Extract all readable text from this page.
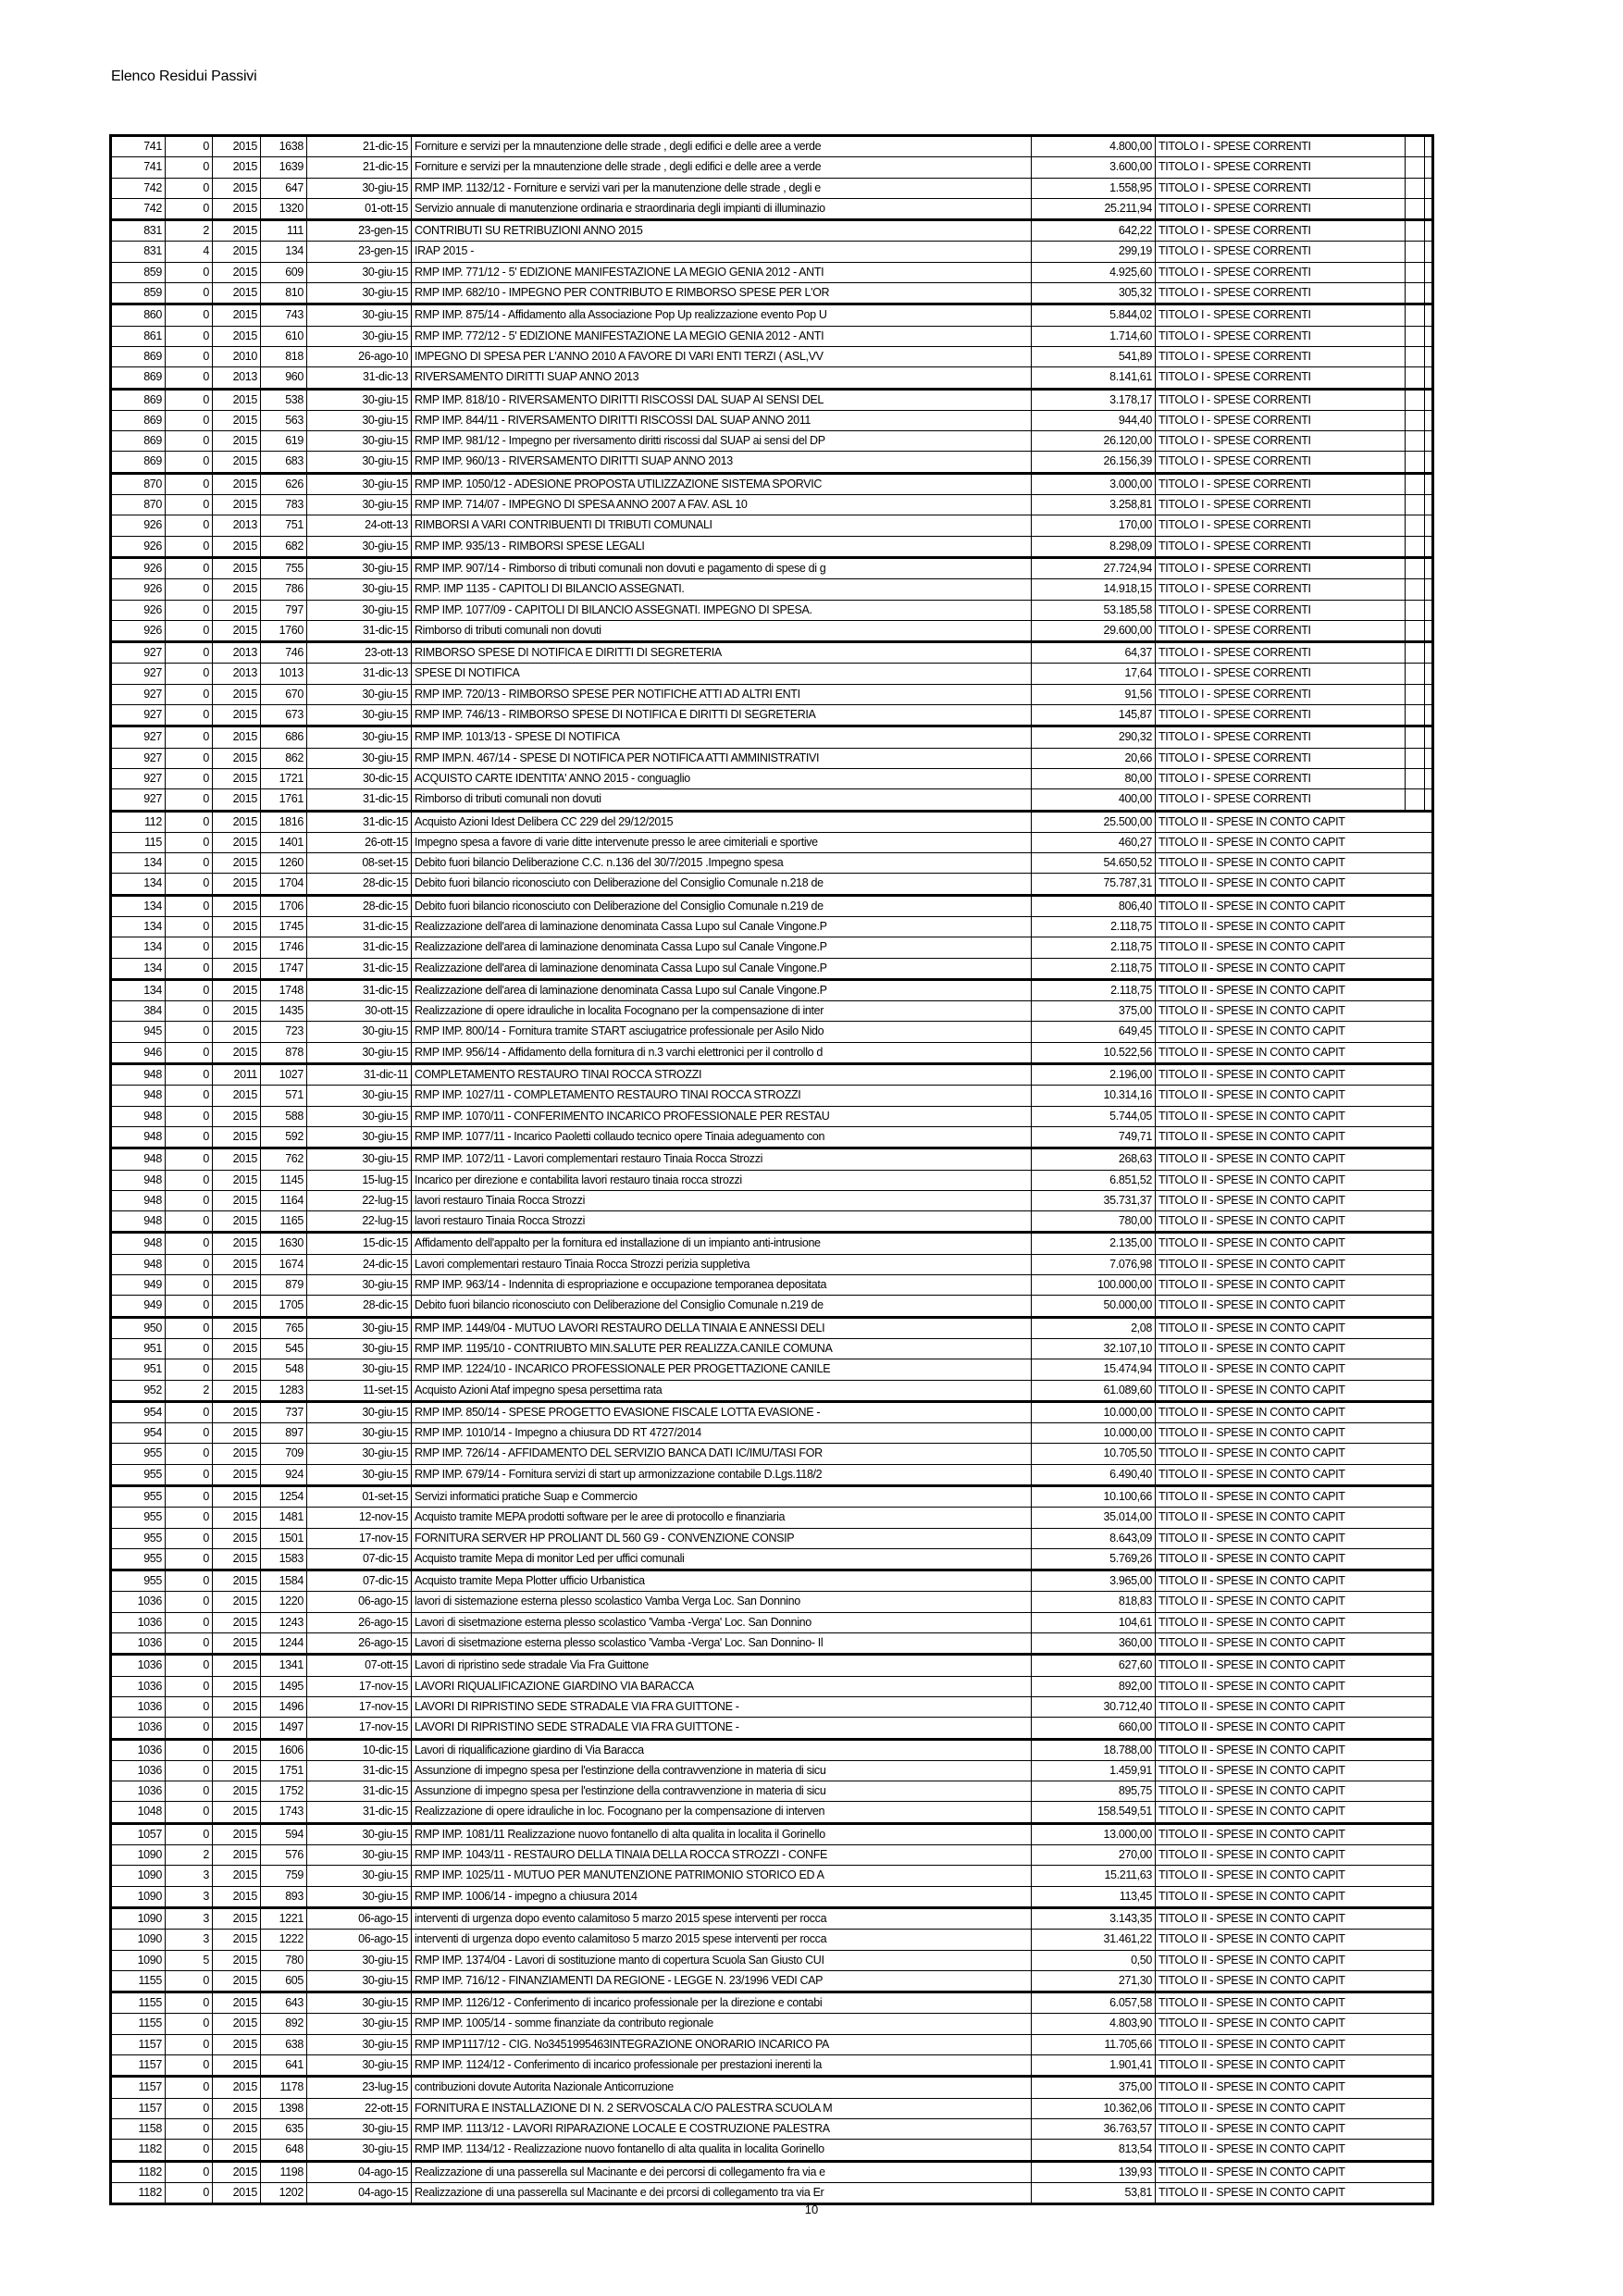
Elenco Residui Passivi
741	0	2015	1638	21-dic-15	Forniture e servizi per la mnautenzione delle strade , degli edifici e delle aree a verde	4.800,00	TITOLO I - SPESE CORRENTI		
741	0	2015	1639	21-dic-15	Forniture e servizi per la mnautenzione delle strade , degli edifici e delle aree a verde	3.600,00	TITOLO I - SPESE CORRENTI		
742	0	2015	647	30-giu-15	RMP IMP. 1132/12 - Forniture e servizi vari per la manutenzione delle strade , degli e	1.558,95	TITOLO I - SPESE CORRENTI		
742	0	2015	1320	01-ott-15	Servizio annuale di manutenzione ordinaria e straordinaria degli impianti di illuminazio	25.211,94	TITOLO I - SPESE CORRENTI		
831	2	2015	111	23-gen-15	CONTRIBUTI SU RETRIBUZIONI ANNO 2015	642,22	TITOLO I - SPESE CORRENTI		
831	4	2015	134	23-gen-15	IRAP 2015 -	299,19	TITOLO I - SPESE CORRENTI		
859	0	2015	609	30-giu-15	RMP IMP. 771/12 - 5' EDIZIONE MANIFESTAZIONE LA MEGIO GENIA 2012 - ANTI	4.925,60	TITOLO I - SPESE CORRENTI		
859	0	2015	810	30-giu-15	RMP IMP. 682/10 - IMPEGNO PER CONTRIBUTO E RIMBORSO SPESE PER L'OR	305,32	TITOLO I - SPESE CORRENTI		
860	0	2015	743	30-giu-15	RMP IMP. 875/14 - Affidamento alla Associazione Pop Up realizzazione evento Pop U	5.844,02	TITOLO I - SPESE CORRENTI		
861	0	2015	610	30-giu-15	RMP IMP. 772/12 - 5' EDIZIONE MANIFESTAZIONE LA MEGIO GENIA 2012 - ANTI	1.714,60	TITOLO I - SPESE CORRENTI		
869	0	2010	818	26-ago-10	IMPEGNO DI SPESA PER L'ANNO 2010 A FAVORE DI VARI ENTI TERZI ( ASL,VV	541,89	TITOLO I - SPESE CORRENTI		
869	0	2013	960	31-dic-13	RIVERSAMENTO DIRITTI SUAP ANNO 2013	8.141,61	TITOLO I - SPESE CORRENTI		
869	0	2015	538	30-giu-15	RMP IMP. 818/10 - RIVERSAMENTO DIRITTI RISCOSSI DAL SUAP AI SENSI DEL	3.178,17	TITOLO I - SPESE CORRENTI		
869	0	2015	563	30-giu-15	RMP IMP. 844/11 - RIVERSAMENTO DIRITTI RISCOSSI DAL SUAP ANNO 2011	944,40	TITOLO I - SPESE CORRENTI		
869	0	2015	619	30-giu-15	RMP IMP. 981/12 - Impegno per riversamento diritti riscossi dal SUAP ai sensi del DP	26.120,00	TITOLO I - SPESE CORRENTI		
869	0	2015	683	30-giu-15	RMP IMP. 960/13 - RIVERSAMENTO DIRITTI SUAP ANNO 2013	26.156,39	TITOLO I - SPESE CORRENTI		
870	0	2015	626	30-giu-15	RMP IMP. 1050/12 - ADESIONE PROPOSTA UTILIZZAZIONE SISTEMA SPORVIC	3.000,00	TITOLO I - SPESE CORRENTI		
870	0	2015	783	30-giu-15	RMP IMP. 714/07 - IMPEGNO DI SPESA ANNO 2007 A FAV. ASL 10	3.258,81	TITOLO I - SPESE CORRENTI		
926	0	2013	751	24-ott-13	RIMBORSI A VARI CONTRIBUENTI DI TRIBUTI COMUNALI	170,00	TITOLO I - SPESE CORRENTI		
926	0	2015	682	30-giu-15	RMP IMP. 935/13 - RIMBORSI SPESE LEGALI	8.298,09	TITOLO I - SPESE CORRENTI		
926	0	2015	755	30-giu-15	RMP IMP. 907/14 - Rimborso di tributi comunali non dovuti e pagamento di spese di g	27.724,94	TITOLO I - SPESE CORRENTI		
926	0	2015	786	30-giu-15	RMP. IMP 1135 - CAPITOLI DI BILANCIO ASSEGNATI.	14.918,15	TITOLO I - SPESE CORRENTI		
926	0	2015	797	30-giu-15	RMP IMP. 1077/09 - CAPITOLI DI BILANCIO ASSEGNATI. IMPEGNO DI SPESA.	53.185,58	TITOLO I - SPESE CORRENTI		
926	0	2015	1760	31-dic-15	Rimborso di tributi comunali non dovuti	29.600,00	TITOLO I - SPESE CORRENTI		
927	0	2013	746	23-ott-13	RIMBORSO SPESE DI NOTIFICA E DIRITTI DI SEGRETERIA	64,37	TITOLO I - SPESE CORRENTI		
927	0	2013	1013	31-dic-13	SPESE DI NOTIFICA	17,64	TITOLO I - SPESE CORRENTI		
927	0	2015	670	30-giu-15	RMP IMP. 720/13 - RIMBORSO SPESE PER NOTIFICHE ATTI AD ALTRI ENTI	91,56	TITOLO I - SPESE CORRENTI		
927	0	2015	673	30-giu-15	RMP IMP. 746/13 - RIMBORSO SPESE DI NOTIFICA E DIRITTI DI SEGRETERIA	145,87	TITOLO I - SPESE CORRENTI		
927	0	2015	686	30-giu-15	RMP IMP. 1013/13 - SPESE DI NOTIFICA	290,32	TITOLO I - SPESE CORRENTI		
927	0	2015	862	30-giu-15	RMP IMP.N. 467/14 - SPESE DI NOTIFICA PER NOTIFICA ATTI AMMINISTRATIVI	20,66	TITOLO I - SPESE CORRENTI		
927	0	2015	1721	30-dic-15	ACQUISTO CARTE IDENTITA' ANNO 2015 - conguaglio	80,00	TITOLO I - SPESE CORRENTI		
927	0	2015	1761	31-dic-15	Rimborso di tributi comunali non dovuti	400,00	TITOLO I - SPESE CORRENTI		
112	0	2015	1816	31-dic-15	Acquisto Azioni Idest Delibera CC 229 del 29/12/2015	25.500,00	TITOLO II - SPESE IN CONTO CAPIT		
115	0	2015	1401	26-ott-15	Impegno spesa a favore di varie ditte intervenute presso le aree cimiteriali e sportive	460,27	TITOLO II - SPESE IN CONTO CAPIT		
134	0	2015	1260	08-set-15	Debito fuori bilancio Deliberazione C.C. n.136 del 30/7/2015 .Impegno spesa	54.650,52	TITOLO II - SPESE IN CONTO CAPIT		
134	0	2015	1704	28-dic-15	Debito fuori bilancio riconosciuto con Deliberazione del Consiglio Comunale n.218 de	75.787,31	TITOLO II - SPESE IN CONTO CAPIT		
134	0	2015	1706	28-dic-15	Debito fuori bilancio riconosciuto con Deliberazione del Consiglio Comunale n.219 de	806,40	TITOLO II - SPESE IN CONTO CAPIT		
134	0	2015	1745	31-dic-15	Realizzazione dell'area di laminazione denominata Cassa Lupo sul Canale Vingone.P	2.118,75	TITOLO II - SPESE IN CONTO CAPIT		
134	0	2015	1746	31-dic-15	Realizzazione dell'area di laminazione denominata Cassa Lupo sul Canale Vingone.P	2.118,75	TITOLO II - SPESE IN CONTO CAPIT		
134	0	2015	1747	31-dic-15	Realizzazione dell'area di laminazione denominata Cassa Lupo sul Canale Vingone.P	2.118,75	TITOLO II - SPESE IN CONTO CAPIT		
134	0	2015	1748	31-dic-15	Realizzazione dell'area di laminazione denominata Cassa Lupo sul Canale Vingone.P	2.118,75	TITOLO II - SPESE IN CONTO CAPIT		
384	0	2015	1435	30-ott-15	Realizzazione di opere idrauliche in localita Focognano per la compensazione di inter	375,00	TITOLO II - SPESE IN CONTO CAPIT		
945	0	2015	723	30-giu-15	RMP IMP. 800/14 - Fornitura tramite START asciugatrice professionale per Asilo Nido	649,45	TITOLO II - SPESE IN CONTO CAPIT		
946	0	2015	878	30-giu-15	RMP IMP. 956/14 - Affidamento della fornitura di n.3 varchi elettronici per il controllo d	10.522,56	TITOLO II - SPESE IN CONTO CAPIT		
948	0	2011	1027	31-dic-11	COMPLETAMENTO RESTAURO TINAI ROCCA STROZZI	2.196,00	TITOLO II - SPESE IN CONTO CAPIT		
948	0	2015	571	30-giu-15	RMP IMP. 1027/11 - COMPLETAMENTO RESTAURO TINAI ROCCA STROZZI	10.314,16	TITOLO II - SPESE IN CONTO CAPIT		
948	0	2015	588	30-giu-15	RMP IMP. 1070/11 - CONFERIMENTO INCARICO PROFESSIONALE PER RESTAU	5.744,05	TITOLO II - SPESE IN CONTO CAPIT		
948	0	2015	592	30-giu-15	RMP IMP. 1077/11 - Incarico Paoletti collaudo tecnico opere Tinaia adeguamento con	749,71	TITOLO II - SPESE IN CONTO CAPIT		
948	0	2015	762	30-giu-15	RMP IMP. 1072/11 - Lavori complementari restauro Tinaia Rocca Strozzi	268,63	TITOLO II - SPESE IN CONTO CAPIT		
948	0	2015	1145	15-lug-15	Incarico per direzione e contabilita lavori restauro tinaia rocca strozzi	6.851,52	TITOLO II - SPESE IN CONTO CAPIT		
948	0	2015	1164	22-lug-15	lavori restauro Tinaia Rocca Strozzi	35.731,37	TITOLO II - SPESE IN CONTO CAPIT		
948	0	2015	1165	22-lug-15	lavori restauro Tinaia Rocca Strozzi	780,00	TITOLO II - SPESE IN CONTO CAPIT		
948	0	2015	1630	15-dic-15	Affidamento dell'appalto per la fornitura ed installazione di un impianto anti-intrusione	2.135,00	TITOLO II - SPESE IN CONTO CAPIT		
948	0	2015	1674	24-dic-15	Lavori complementari restauro Tinaia Rocca Strozzi perizia suppletiva	7.076,98	TITOLO II - SPESE IN CONTO CAPIT		
949	0	2015	879	30-giu-15	RMP IMP. 963/14 - Indennita di espropriazione e occupazione temporanea depositata	100.000,00	TITOLO II - SPESE IN CONTO CAPIT		
949	0	2015	1705	28-dic-15	Debito fuori bilancio riconosciuto con Deliberazione del Consiglio Comunale n.219 de	50.000,00	TITOLO II - SPESE IN CONTO CAPIT		
950	0	2015	765	30-giu-15	RMP IMP. 1449/04 - MUTUO LAVORI RESTAURO DELLA TINAIA E ANNESSI DELI	2,08	TITOLO II - SPESE IN CONTO CAPIT		
951	0	2015	545	30-giu-15	RMP IMP. 1195/10 - CONTRIUBTO MIN.SALUTE PER REALIZZA.CANILE COMUNA	32.107,10	TITOLO II - SPESE IN CONTO CAPIT		
951	0	2015	548	30-giu-15	RMP IMP. 1224/10 - INCARICO PROFESSIONALE PER PROGETTAZIONE CANILE	15.474,94	TITOLO II - SPESE IN CONTO CAPIT		
952	2	2015	1283	11-set-15	Acquisto Azioni Ataf impegno spesa persettima rata	61.089,60	TITOLO II - SPESE IN CONTO CAPIT		
954	0	2015	737	30-giu-15	RMP IMP. 850/14 - SPESE PROGETTO EVASIONE FISCALE LOTTA EVASIONE -	10.000,00	TITOLO II - SPESE IN CONTO CAPIT		
954	0	2015	897	30-giu-15	RMP IMP. 1010/14 - Impegno a chiusura DD RT 4727/2014	10.000,00	TITOLO II - SPESE IN CONTO CAPIT		
955	0	2015	709	30-giu-15	RMP IMP. 726/14 - AFFIDAMENTO DEL SERVIZIO BANCA DATI IC/IMU/TASI FOR	10.705,50	TITOLO II - SPESE IN CONTO CAPIT		
955	0	2015	924	30-giu-15	RMP IMP. 679/14 - Fornitura servizi di start up armonizzazione contabile D.Lgs.118/2	6.490,40	TITOLO II - SPESE IN CONTO CAPIT		
955	0	2015	1254	01-set-15	Servizi informatici pratiche Suap e Commercio	10.100,66	TITOLO II - SPESE IN CONTO CAPIT		
955	0	2015	1481	12-nov-15	Acquisto tramite MEPA prodotti software per le aree di protocollo e finanziaria	35.014,00	TITOLO II - SPESE IN CONTO CAPIT		
955	0	2015	1501	17-nov-15	FORNITURA SERVER HP PROLIANT DL 560 G9 - CONVENZIONE CONSIP	8.643,09	TITOLO II - SPESE IN CONTO CAPIT		
955	0	2015	1583	07-dic-15	Acquisto tramite Mepa di monitor Led per uffici comunali	5.769,26	TITOLO II - SPESE IN CONTO CAPIT		
955	0	2015	1584	07-dic-15	Acquisto tramite Mepa Plotter ufficio Urbanistica	3.965,00	TITOLO II - SPESE IN CONTO CAPIT		
1036	0	2015	1220	06-ago-15	lavori di sistemazione esterna plesso scolastico Vamba Verga Loc. San Donnino	818,83	TITOLO II - SPESE IN CONTO CAPIT		
1036	0	2015	1243	26-ago-15	Lavori di sisetmazione esterna plesso scolastico 'Vamba -Verga' Loc. San Donnino	104,61	TITOLO II - SPESE IN CONTO CAPIT		
1036	0	2015	1244	26-ago-15	Lavori di sisetmazione esterna plesso scolastico 'Vamba -Verga' Loc. San Donnino- Il	360,00	TITOLO II - SPESE IN CONTO CAPIT		
1036	0	2015	1341	07-ott-15	Lavori di ripristino sede stradale Via Fra Guittone	627,60	TITOLO II - SPESE IN CONTO CAPIT		
1036	0	2015	1495	17-nov-15	LAVORI RIQUALIFICAZIONE GIARDINO VIA BARACCA	892,00	TITOLO II - SPESE IN CONTO CAPIT		
1036	0	2015	1496	17-nov-15	LAVORI DI RIPRISTINO SEDE STRADALE VIA FRA GUITTONE -	30.712,40	TITOLO II - SPESE IN CONTO CAPIT		
1036	0	2015	1497	17-nov-15	LAVORI DI RIPRISTINO SEDE STRADALE VIA FRA GUITTONE -	660,00	TITOLO II - SPESE IN CONTO CAPIT		
1036	0	2015	1606	10-dic-15	Lavori di riqualificazione giardino di Via Baracca	18.788,00	TITOLO II - SPESE IN CONTO CAPIT		
1036	0	2015	1751	31-dic-15	Assunzione di impegno spesa per l'estinzione della contravvenzione in materia di sicu	1.459,91	TITOLO II - SPESE IN CONTO CAPIT		
1036	0	2015	1752	31-dic-15	Assunzione di impegno spesa per l'estinzione della contravvenzione in materia di sicu	895,75	TITOLO II - SPESE IN CONTO CAPIT		
1048	0	2015	1743	31-dic-15	Realizzazione di opere idrauliche in loc. Focognano per la compensazione di interven	158.549,51	TITOLO II - SPESE IN CONTO CAPIT		
1057	0	2015	594	30-giu-15	RMP IMP. 1081/11 Realizzazione nuovo fontanello di alta qualita in localita il Gorinello	13.000,00	TITOLO II - SPESE IN CONTO CAPIT		
1090	2	2015	576	30-giu-15	RMP IMP. 1043/11 - RESTAURO DELLA TINAIA DELLA ROCCA STROZZI - CONFE	270,00	TITOLO II - SPESE IN CONTO CAPIT		
1090	3	2015	759	30-giu-15	RMP IMP. 1025/11 - MUTUO PER MANUTENZIONE PATRIMONIO STORICO ED A	15.211,63	TITOLO II - SPESE IN CONTO CAPIT		
1090	3	2015	893	30-giu-15	RMP IMP. 1006/14 - impegno a chiusura 2014	113,45	TITOLO II - SPESE IN CONTO CAPIT		
1090	3	2015	1221	06-ago-15	interventi di urgenza dopo evento calamitoso 5 marzo 2015 spese interventi per rocca	3.143,35	TITOLO II - SPESE IN CONTO CAPIT		
1090	3	2015	1222	06-ago-15	interventi di urgenza dopo evento calamitoso 5 marzo 2015 spese interventi per rocca	31.461,22	TITOLO II - SPESE IN CONTO CAPIT		
1090	5	2015	780	30-giu-15	RMP IMP. 1374/04 - Lavori di sostituzione manto di copertura Scuola San Giusto CUI	0,50	TITOLO II - SPESE IN CONTO CAPIT		
1155	0	2015	605	30-giu-15	RMP IMP. 716/12 - FINANZIAMENTI DA REGIONE - LEGGE N. 23/1996 VEDI CAP	271,30	TITOLO II - SPESE IN CONTO CAPIT		
1155	0	2015	643	30-giu-15	RMP IMP. 1126/12 - Conferimento di incarico professionale per la direzione e contabi	6.057,58	TITOLO II - SPESE IN CONTO CAPIT		
1155	0	2015	892	30-giu-15	RMP IMP. 1005/14 - somme finanziate da contributo regionale	4.803,90	TITOLO II - SPESE IN CONTO CAPIT		
1157	0	2015	638	30-giu-15	RMP IMP1117/12 - CIG. No3451995463INTEGRAZIONE ONORARIO INCARICO PA	11.705,66	TITOLO II - SPESE IN CONTO CAPIT		
1157	0	2015	641	30-giu-15	RMP IMP. 1124/12 - Conferimento di incarico professionale per prestazioni inerenti la	1.901,41	TITOLO II - SPESE IN CONTO CAPIT		
1157	0	2015	1178	23-lug-15	contribuzioni dovute Autorita Nazionale Anticorruzione	375,00	TITOLO II - SPESE IN CONTO CAPIT		
1157	0	2015	1398	22-ott-15	FORNITURA E INSTALLAZIONE DI N. 2 SERVOSCALA C/O PALESTRA SCUOLA M	10.362,06	TITOLO II - SPESE IN CONTO CAPIT		
1158	0	2015	635	30-giu-15	RMP IMP. 1113/12 - LAVORI RIPARAZIONE LOCALE E COSTRUZIONE PALESTRA	36.763,57	TITOLO II - SPESE IN CONTO CAPIT		
1182	0	2015	648	30-giu-15	RMP IMP. 1134/12 - Realizzazione nuovo fontanello di alta qualita in localita Gorinello	813,54	TITOLO II - SPESE IN CONTO CAPIT		
1182	0	2015	1198	04-ago-15	Realizzazione di una passerella sul Macinante e dei percorsi di collegamento fra via e	139,93	TITOLO II - SPESE IN CONTO CAPIT		
1182	0	2015	1202	04-ago-15	Realizzazione di una passerella sul Macinante e dei prcorsi di collegamento tra via Er	53,81	TITOLO II - SPESE IN CONTO CAPIT		
10
